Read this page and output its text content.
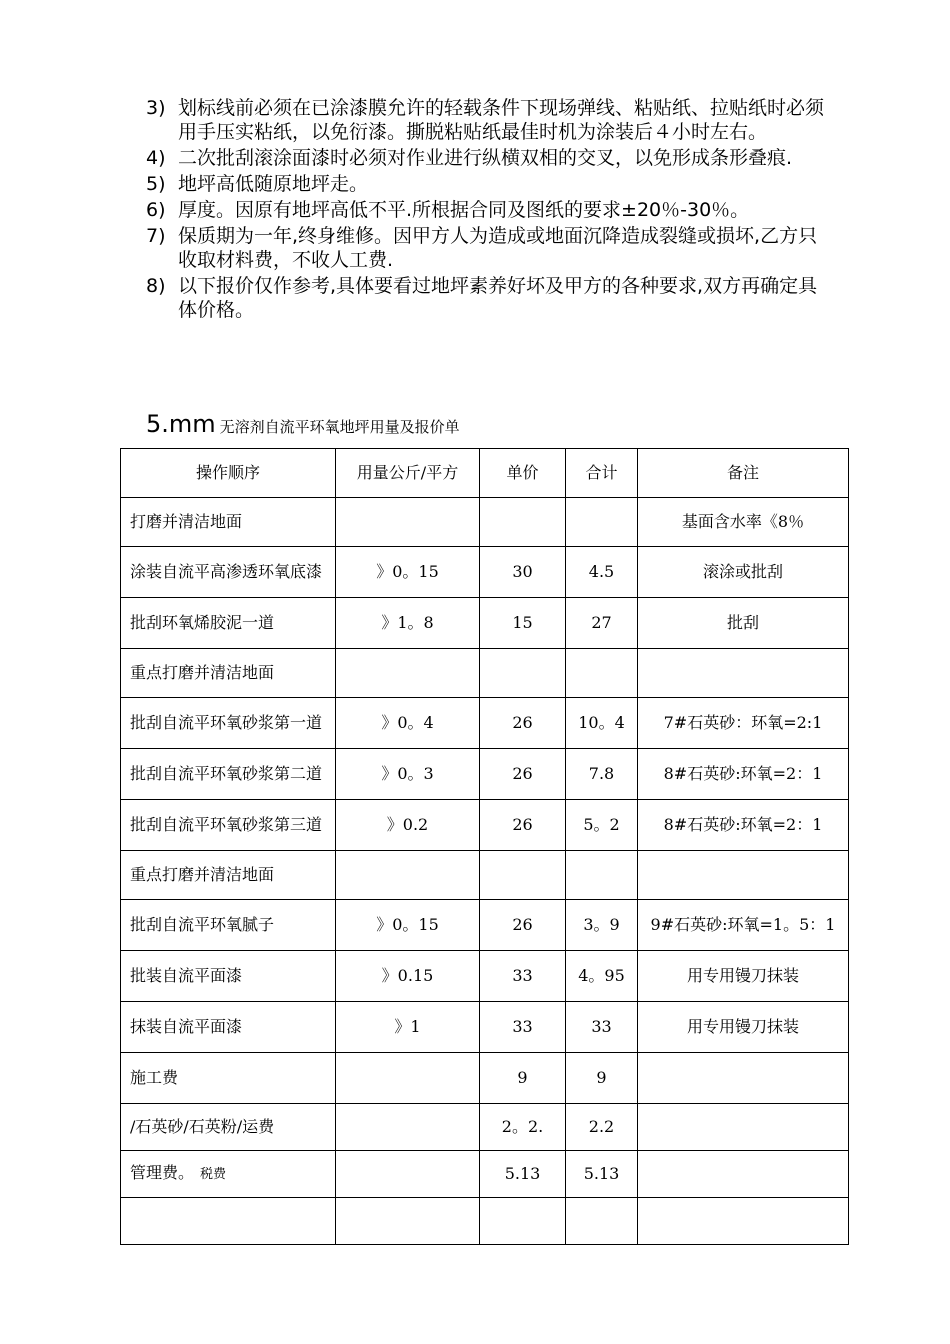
3) 划标线前必须在已涂漆膜允许的轻载条件下现场弹线、粘贴纸、拉贴纸时必须用手压实粘纸，以免衍漆。撕脱粘贴纸最佳时机为涂装后４小时左右。
4) 二次批刮滚涂面漆时必须对作业进行纵横双相的交叉，以免形成条形叠痕.
5) 地坪高低随原地坪走。
6) 厚度。因原有地坪高低不平.所根据合同及图纸的要求±20％-30％。
7) 保质期为一年,终身维修。因甲方人为造成或地面沉降造成裂缝或损坏,乙方只收取材料费，不收人工费.
8) 以下报价仅作参考,具体要看过地坪素养好坏及甲方的各种要求,双方再确定具体价格。
5.mm 无溶剂自流平环氧地坪用量及报价单
操作顺序	用量公斤/平方	单价	合计	备注
打磨并清洁地面				基面含水率《8％
涂装自流平高渗透环氧底漆	》0。15	30	4.5	滚涂或批刮
批刮环氧烯胶泥一道	》1。8	15	27	批刮
重点打磨并清洁地面				
批刮自流平环氧砂浆第一道	》0。4	26	10。4	7#石英砂：环氧=2:1
批刮自流平环氧砂浆第二道	》0。3	26	7.8	8#石英砂:环氧=2：1
批刮自流平环氧砂浆第三道	》0.2	26	5。2	8#石英砂:环氧=2：1
重点打磨并清洁地面				
批刮自流平环氧腻子	》0。15	26	3。9	9#石英砂:环氧=1。5：1
批装自流平面漆	》0.15	33	4。95	用专用镘刀抹装
抹装自流平面漆	》1	33	33	用专用镘刀抹装
施工费		9	9	
/石英砂/石英粉/运费		2。2.	2.2	
管理费。 税费		5.13	5.13	
